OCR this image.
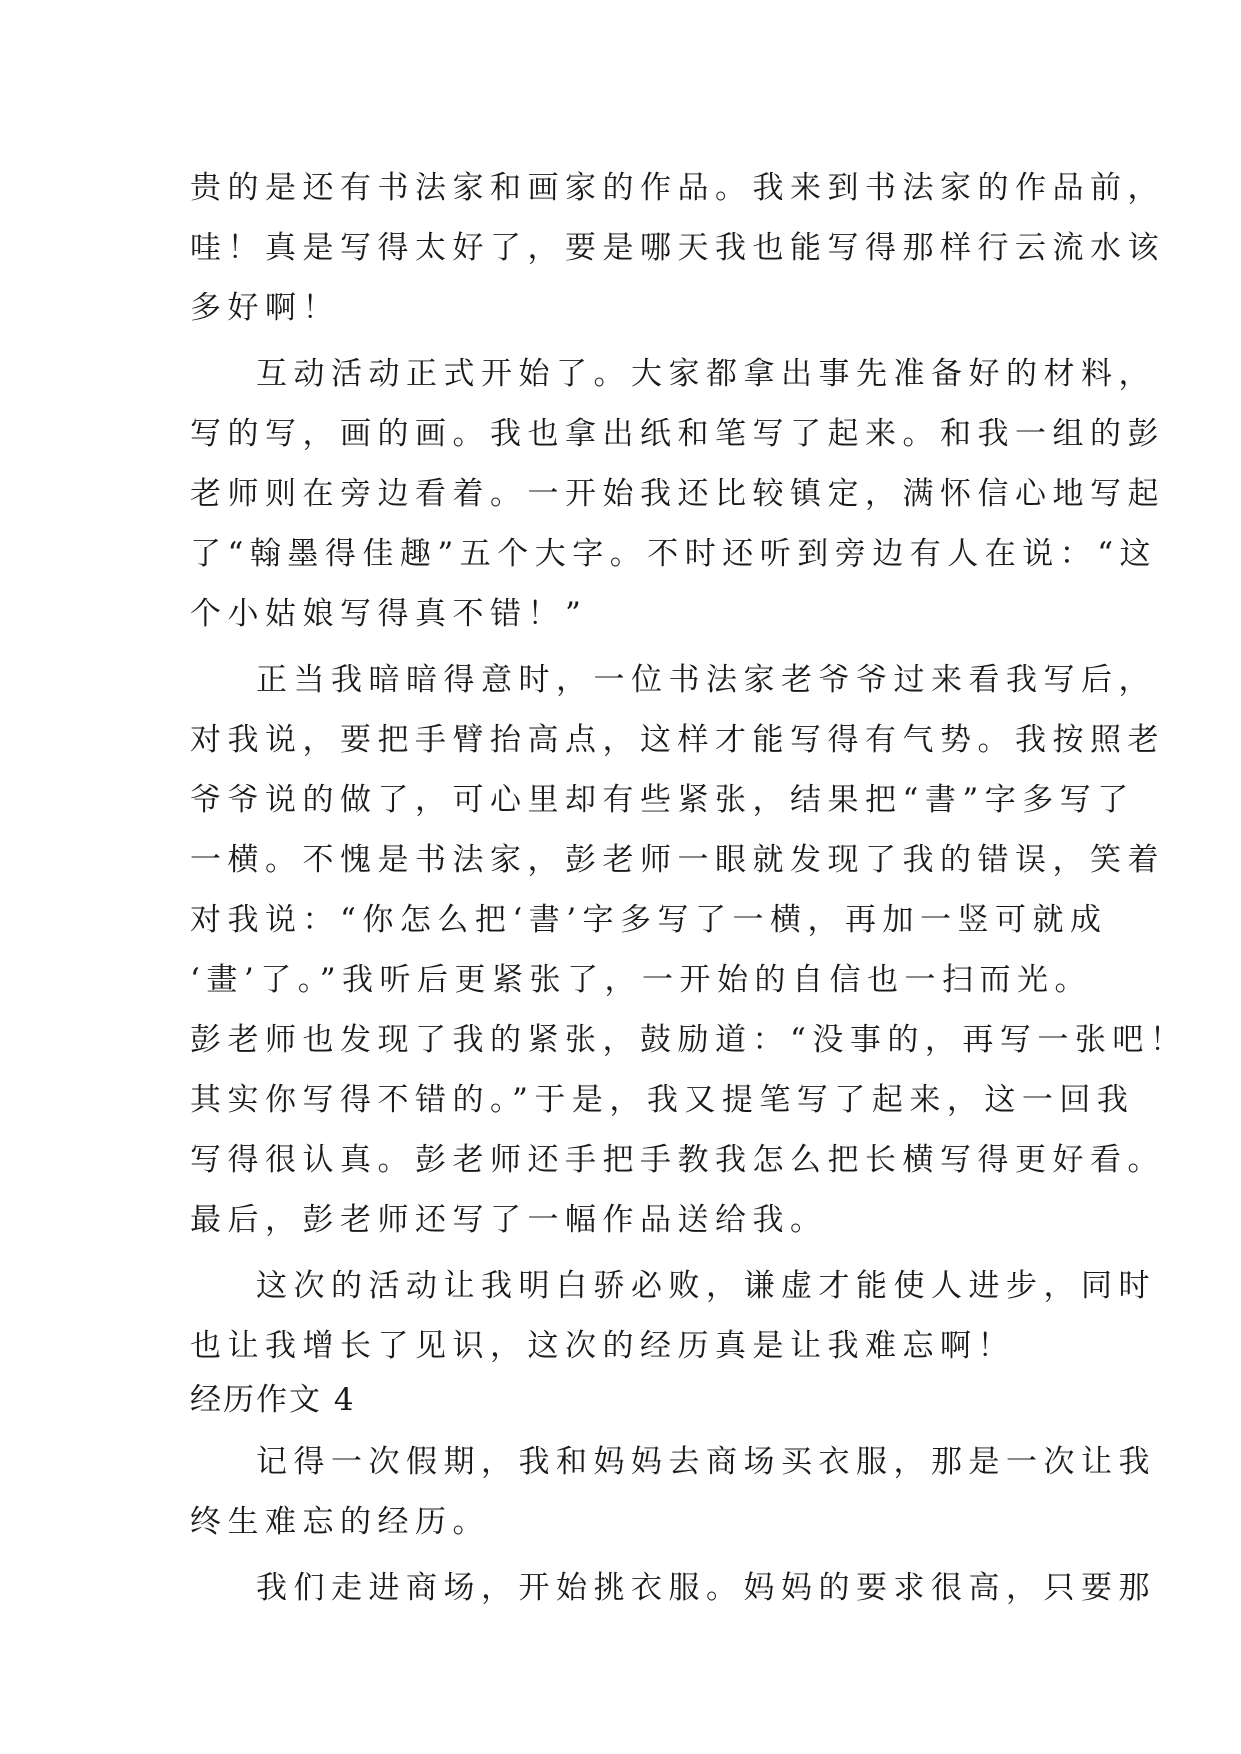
贵的是还有书法家和画家的作品。我来到书法家的作品前，
哇！真是写得太好了，要是哪天我也能写得那样行云流水该
多好啊！
互动活动正式开始了。大家都拿出事先准备好的材料，
写的写，画的画。我也拿出纸和笔写了起来。和我一组的彭
老师则在旁边看着。一开始我还比较镇定，满怀信心地写起
了“翰墨得佳趣”五个大字。不时还听到旁边有人在说：“这
个小姑娘写得真不错！”
正当我暗暗得意时，一位书法家老爷爷过来看我写后，
对我说，要把手臂抬高点，这样才能写得有气势。我按照老
爷爷说的做了，可心里却有些紧张，结果把“書”字多写了
一横。不愧是书法家，彭老师一眼就发现了我的错误，笑着
对我说：“你怎么把‘書’字多写了一横，再加一竖可就成
‘畫’了。”我听后更紧张了，一开始的自信也一扫而光。
彭老师也发现了我的紧张，鼓励道：“没事的，再写一张吧！
其实你写得不错的。”于是，我又提笔写了起来，这一回我
写得很认真。彭老师还手把手教我怎么把长横写得更好看。
最后，彭老师还写了一幅作品送给我。
这次的活动让我明白骄必败，谦虚才能使人进步，同时
也让我增长了见识，这次的经历真是让我难忘啊！
经历作文 4
记得一次假期，我和妈妈去商场买衣服，那是一次让我
终生难忘的经历。
我们走进商场，开始挑衣服。妈妈的要求很高，只要那
